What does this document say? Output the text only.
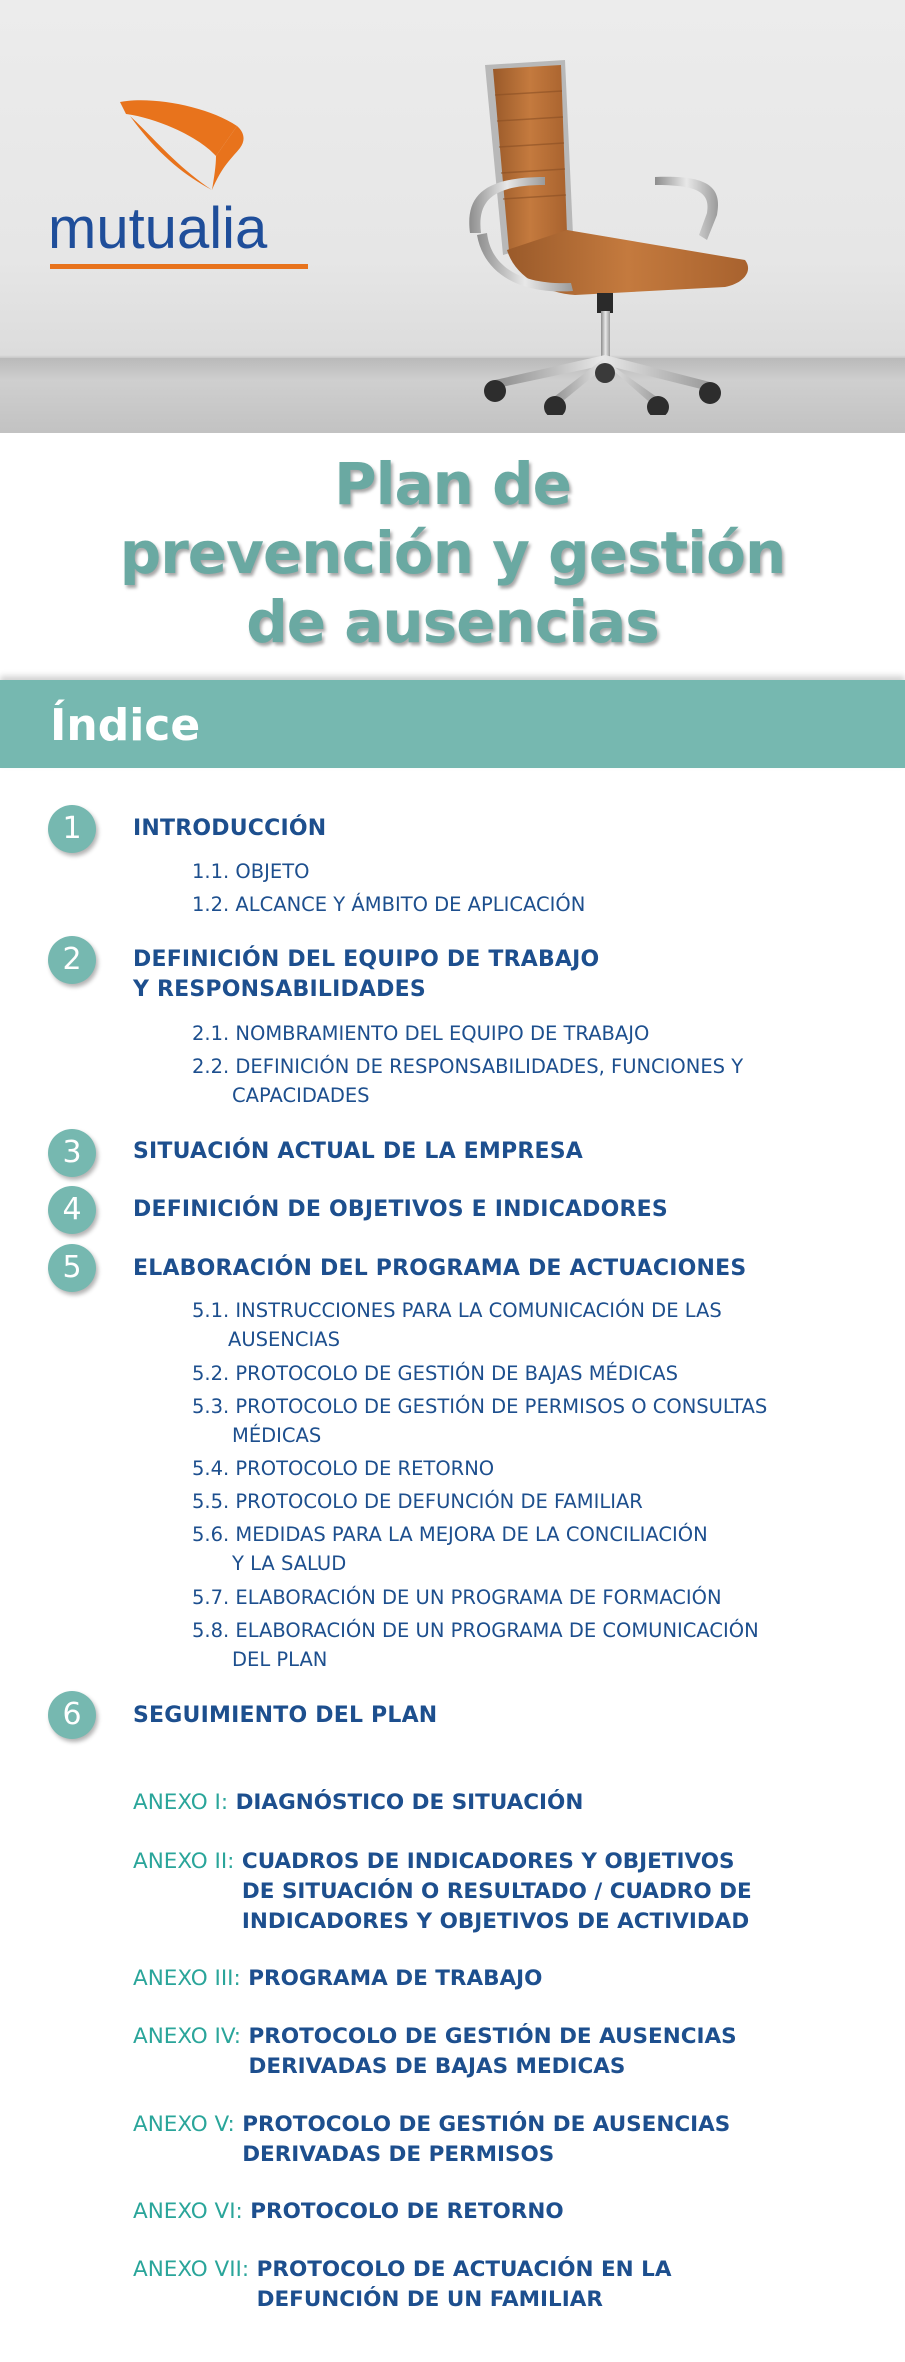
mutualia
Plan de
prevención y gestión
de ausencias
Índice
1	INTRODUCCIÓN
1.1. OBJETO
1.2. ALCANCE Y ÁMBITO DE APLICACIÓN
2	DEFINICIÓN DEL EQUIPO DE TRABAJO
Y RESPONSABILIDADES
2.1. NOMBRAMIENTO DEL EQUIPO DE TRABAJO
2.2. DEFINICIÓN DE RESPONSABILIDADES, FUNCIONES Y
CAPACIDADES
3	SITUACIÓN ACTUAL DE LA EMPRESA
4	DEFINICIÓN DE OBJETIVOS E INDICADORES
5	ELABORACIÓN DEL PROGRAMA DE ACTUACIONES
5.1. INSTRUCCIONES PARA LA COMUNICACIÓN DE LAS
AUSENCIAS
5.2. PROTOCOLO DE GESTIÓN DE BAJAS MÉDICAS
5.3. PROTOCOLO DE GESTIÓN DE PERMISOS O CONSULTAS
MÉDICAS
5.4. PROTOCOLO DE RETORNO
5.5. PROTOCOLO DE DEFUNCIÓN DE FAMILIAR
5.6. MEDIDAS PARA LA MEJORA DE LA CONCILIACIÓN
Y LA SALUD
5.7. ELABORACIÓN DE UN PROGRAMA DE FORMACIÓN
5.8. ELABORACIÓN DE UN PROGRAMA DE COMUNICACIÓN
DEL PLAN
6	SEGUIMIENTO DEL PLAN
ANEXO I:
DIAGNÓSTICO DE SITUACIÓN
ANEXO II:
CUADROS DE INDICADORES Y OBJETIVOS
DE SITUACIÓN O RESULTADO / CUADRO DE
INDICADORES Y OBJETIVOS DE ACTIVIDAD
ANEXO III:
PROGRAMA DE TRABAJO
ANEXO IV:
PROTOCOLO DE GESTIÓN DE AUSENCIAS
DERIVADAS DE BAJAS MEDICAS
ANEXO V:
PROTOCOLO DE GESTIÓN DE AUSENCIAS
DERIVADAS DE PERMISOS
ANEXO VI:
PROTOCOLO DE RETORNO
ANEXO VII:
PROTOCOLO DE ACTUACIÓN EN LA
DEFUNCIÓN DE UN FAMILIAR
